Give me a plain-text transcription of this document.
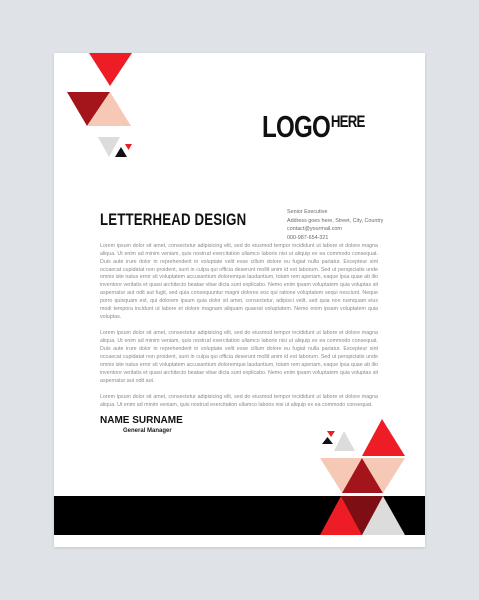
LOGOHERE
LETTERHEAD DESIGN	Senior Executive
Address goes here, Street, City, Country
contact@yourmail.com
000-987-654-321

Lorem ipsum dolor sit amet, consectetur adipisicing elit, sed do eiusmod tempor incididunt ut labore et dolore magna aliqua. Ut enim ad minim veniam, quis nostrud exercitation ullamco laboris nisi ut aliquip ex ea commodo consequat. Duis aute irure dolor in reprehenderit in voluptate velit esse cillum dolore eu fugiat nulla pariatur. Excepteur sint occaecat cupidatat non proident, sunt in culpa qui officia deserunt mollit anim id est laborum. Sed ut perspiciatis unde omnis iste natus error sit voluptatem accusantium doloremque laudantium, totam rem aperiam, eaque ipsa quae ab illo inventore veritatis et quasi architecto beatae vitae dicta sunt explicabo. Nemo enim ipsam voluptatem quia voluptas sit aspernatur aut odit aut fugit, sed quia consequuntur magni dolores eos qui ratione voluptatem sequi nesciunt. Neque porro quisquam est, qui dolorem ipsum quia dolor sit amet, consectetur, adipisci velit, sed quia non numquam eius modi tempora incidunt ut labore et dolore magnam aliquam quaerat voluptatem. Nemo enim ipsam voluptatem quia voluptas.

Lorem ipsum dolor sit amet, consectetur adipisicing elit, sed do eiusmod tempor incididunt ut labore et dolore magna aliqua. Ut enim ad minim veniam, quis nostrud exercitation ullamco laboris nisi ut aliquip ex ea commodo consequat. Duis aute irure dolor in reprehenderit in voluptate velit esse cillum dolore eu fugiat nulla pariatur. Excepteur sint occaecat cupidatat non proident, sunt in culpa qui officia deserunt mollit anim id est laborum. Sed ut perspiciatis unde omnis iste natus error sit voluptatem accusantium doloremque laudantium, totam rem aperiam, eaque ipsa quae ab illo inventore veritatis et quasi architecto beatae vitae dicta sunt explicabo. Nemo enim ipsam voluptatem quia voluptas sit aspernatur aut odit aut.

Lorem ipsum dolor sit amet, consectetur adipisicing elit, sed do eiusmod tempor incididunt ut labore et dolore magna aliqua. Ut enim ad minim veniam, quis nostrud exercitation ullamco laboris nisi ut aliquip ex ea commodo consequat.

NAME SURNAME
General Manager
